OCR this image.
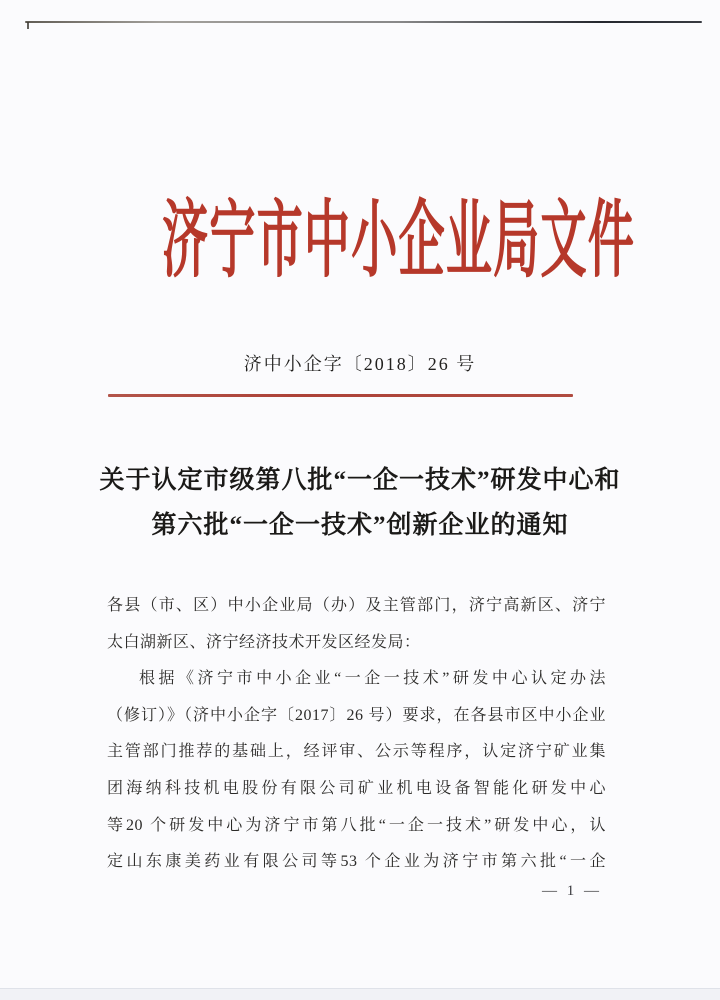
济宁市中小企业局文件
济中小企字〔2018〕26 号
关于认定市级第八批“一企一技术”研发中心和
第六批“一企一技术”创新企业的通知
各县（市、区）中小企业局（办）及主管部门，济宁高新区、济宁
太白湖新区、济宁经济技术开发区经发局：
根据《济宁市中小企业“一企一技术”研发中心认定办法
（修订）》（济中小企字〔2017〕26 号）要求，在各县市区中小企业
主管部门推荐的基础上，经评审、公示等程序，认定济宁矿业集
团海纳科技机电股份有限公司矿业机电设备智能化研发中心
等20 个研发中心为济宁市第八批“一企一技术”研发中心，认
定山东康美药业有限公司等53 个企业为济宁市第六批“一企
— 1 —
